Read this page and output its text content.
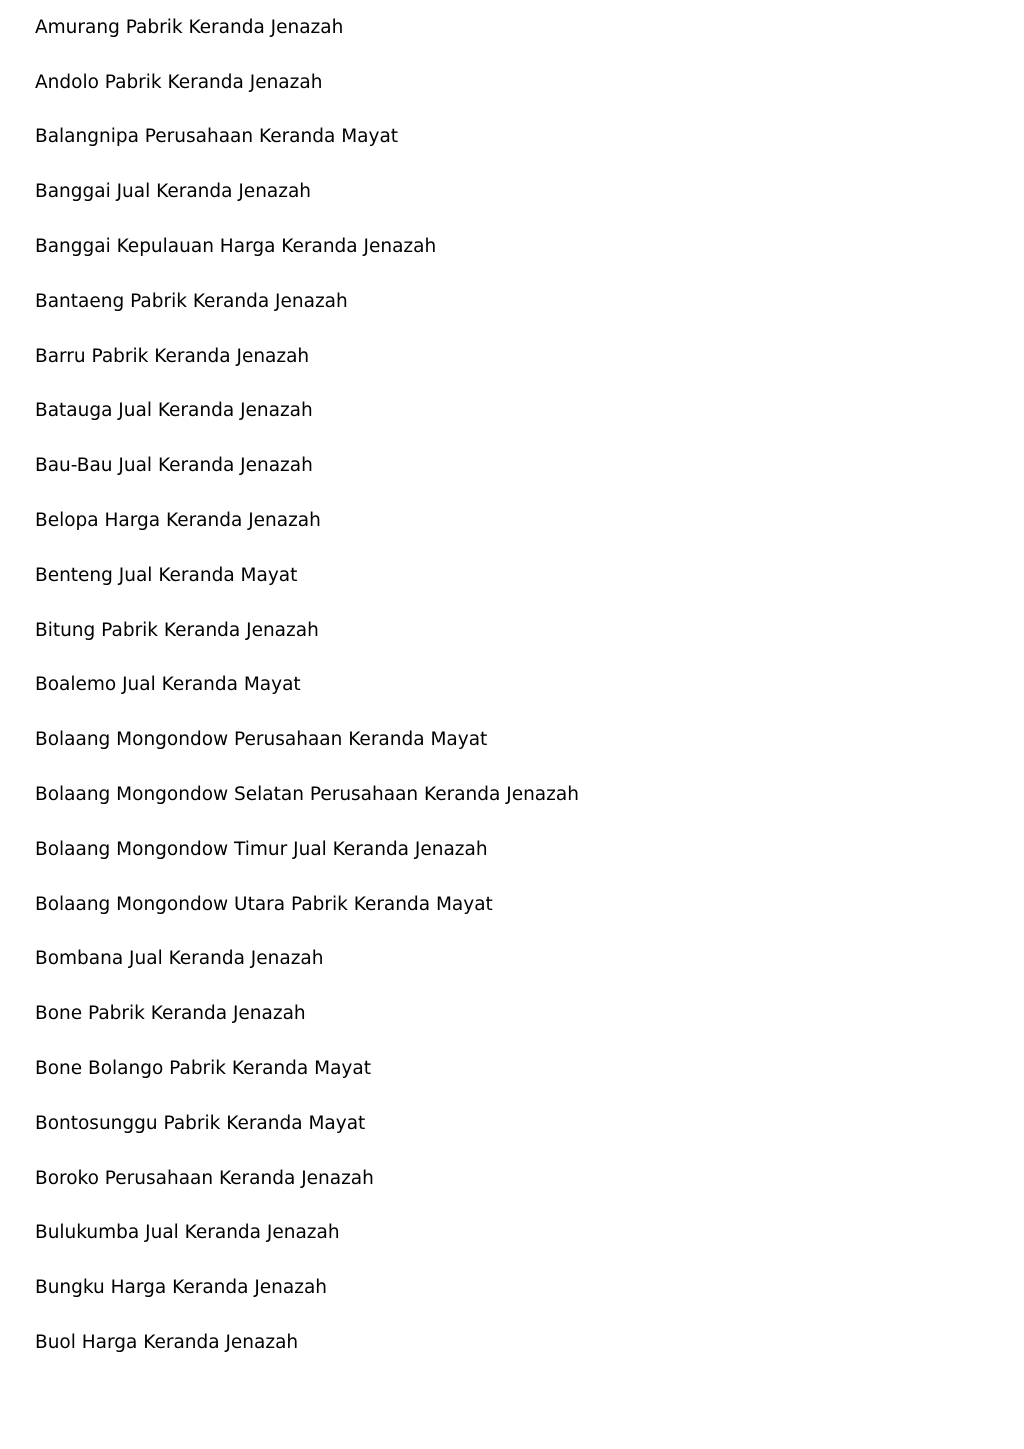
Amurang Pabrik Keranda Jenazah
Andolo Pabrik Keranda Jenazah
Balangnipa Perusahaan Keranda Mayat
Banggai Jual Keranda Jenazah
Banggai Kepulauan Harga Keranda Jenazah
Bantaeng Pabrik Keranda Jenazah
Barru Pabrik Keranda Jenazah
Batauga Jual Keranda Jenazah
Bau-Bau Jual Keranda Jenazah
Belopa Harga Keranda Jenazah
Benteng Jual Keranda Mayat
Bitung Pabrik Keranda Jenazah
Boalemo Jual Keranda Mayat
Bolaang Mongondow Perusahaan Keranda Mayat
Bolaang Mongondow Selatan Perusahaan Keranda Jenazah
Bolaang Mongondow Timur Jual Keranda Jenazah
Bolaang Mongondow Utara Pabrik Keranda Mayat
Bombana Jual Keranda Jenazah
Bone Pabrik Keranda Jenazah
Bone Bolango Pabrik Keranda Mayat
Bontosunggu Pabrik Keranda Mayat
Boroko Perusahaan Keranda Jenazah
Bulukumba Jual Keranda Jenazah
Bungku Harga Keranda Jenazah
Buol Harga Keranda Jenazah
